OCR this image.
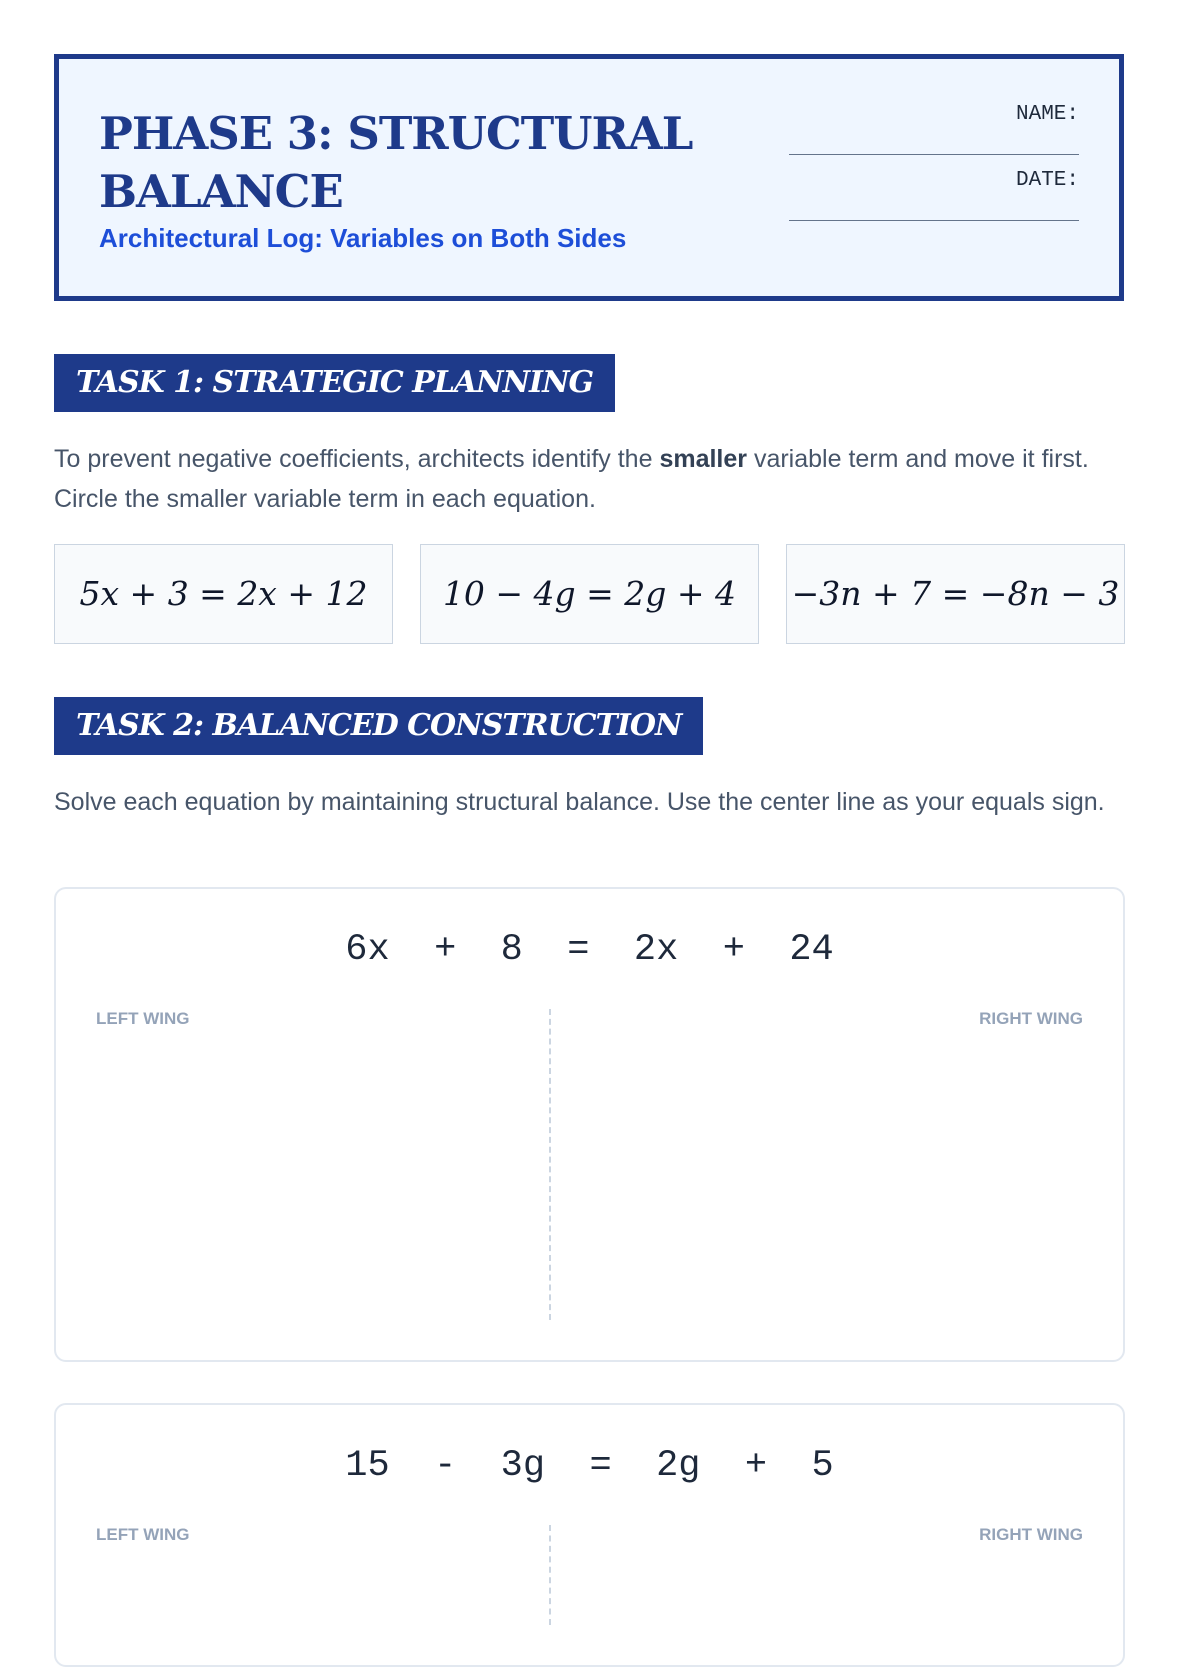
PHASE 3: STRUCTURAL BALANCE
Architectural Log: Variables on Both Sides
NAME:
DATE:
TASK 1: STRATEGIC PLANNING
To prevent negative coefficients, architects identify the smaller variable term and move it first. Circle the smaller variable term in each equation.
5x + 3 = 2x + 12	10 − 4g = 2g + 4	−3n + 7 = −8n − 3
TASK 2: BALANCED CONSTRUCTION
Solve each equation by maintaining structural balance. Use the center line as your equals sign.
6x  +  8  =  2x  +  24
LEFT WING	RIGHT WING
15  -  3g  =  2g  +  5
LEFT WING	RIGHT WING
